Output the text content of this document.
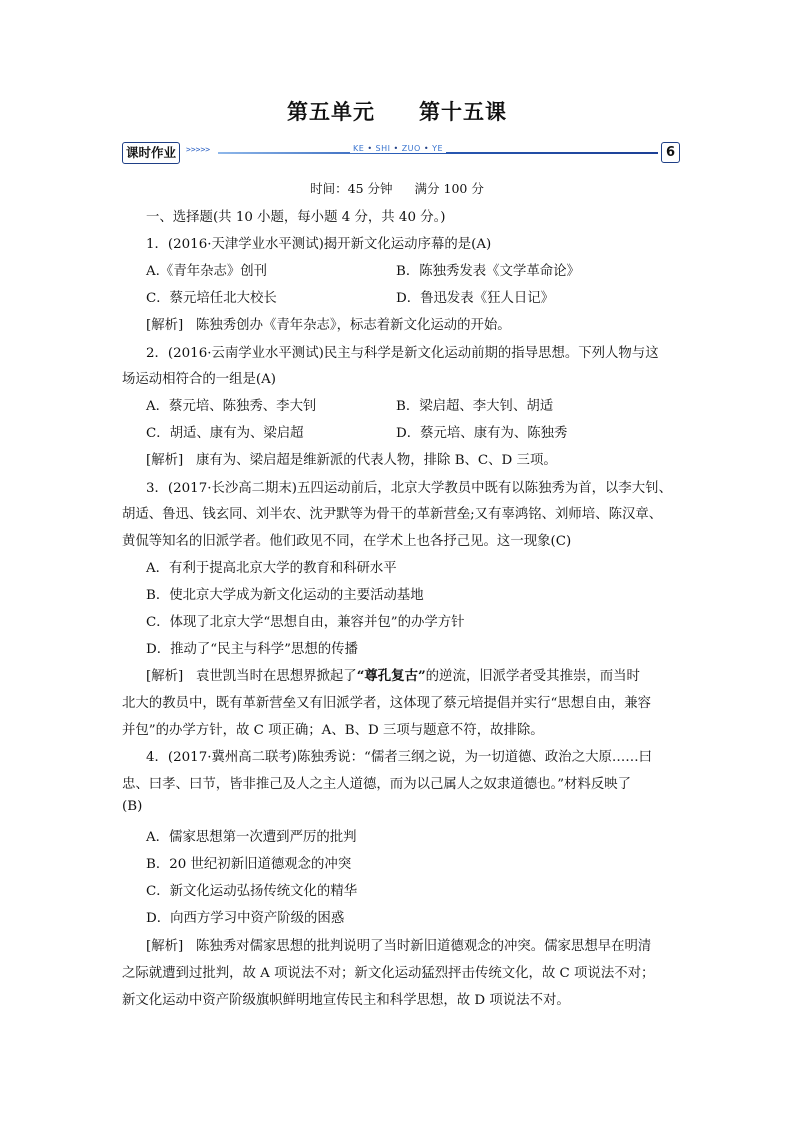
第五单元 第十五课
课时作业	>>>>>	KE • SHI • ZUO • YE	6
时间：45 分钟 满分 100 分
一、选择题(共 10 小题，每小题 4 分，共 40 分。)
1．(2016·天津学业水平测试)揭开新文化运动序幕的是(A)
A.《青年杂志》创刊	B．陈独秀发表《文学革命论》
C．蔡元培任北大校长	D．鲁迅发表《狂人日记》
[解析] 陈独秀创办《青年杂志》，标志着新文化运动的开始。
2．(2016·云南学业水平测试)民主与科学是新文化运动前期的指导思想。下列人物与这
场运动相符合的一组是(A)
A．蔡元培、陈独秀、李大钊	B．梁启超、李大钊、胡适
C．胡适、康有为、梁启超	D．蔡元培、康有为、陈独秀
[解析] 康有为、梁启超是维新派的代表人物，排除 B、C、D 三项。
3．(2017·长沙高二期末)五四运动前后，北京大学教员中既有以陈独秀为首，以李大钊、
胡适、鲁迅、钱玄同、刘半农、沈尹默等为骨干的革新营垒;又有辜鸿铭、刘师培、陈汉章、
黄侃等知名的旧派学者。他们政见不同，在学术上也各抒己见。这一现象(C)
A．有利于提高北京大学的教育和科研水平
B．使北京大学成为新文化运动的主要活动基地
C．体现了北京大学“思想自由，兼容并包”的办学方针
D．推动了“民主与科学”思想的传播
[解析] 袁世凯当时在思想界掀起了“尊孔复古”的逆流，旧派学者受其推崇，而当时
北大的教员中，既有革新营垒又有旧派学者，这体现了蔡元培提倡并实行“思想自由，兼容
并包”的办学方针，故 C 项正确；A、B、D 三项与题意不符，故排除。
4．(2017·冀州高二联考)陈独秀说：“儒者三纲之说，为一切道德、政治之大原……曰
忠、曰孝、曰节，皆非推己及人之主人道德，而为以己属人之奴隶道德也。”材料反映了
(B)
A．儒家思想第一次遭到严厉的批判
B．20 世纪初新旧道德观念的冲突
C．新文化运动弘扬传统文化的精华
D．向西方学习中资产阶级的困惑
[解析] 陈独秀对儒家思想的批判说明了当时新旧道德观念的冲突。儒家思想早在明清
之际就遭到过批判，故 A 项说法不对；新文化运动猛烈抨击传统文化，故 C 项说法不对；
新文化运动中资产阶级旗帜鲜明地宣传民主和科学思想，故 D 项说法不对。
